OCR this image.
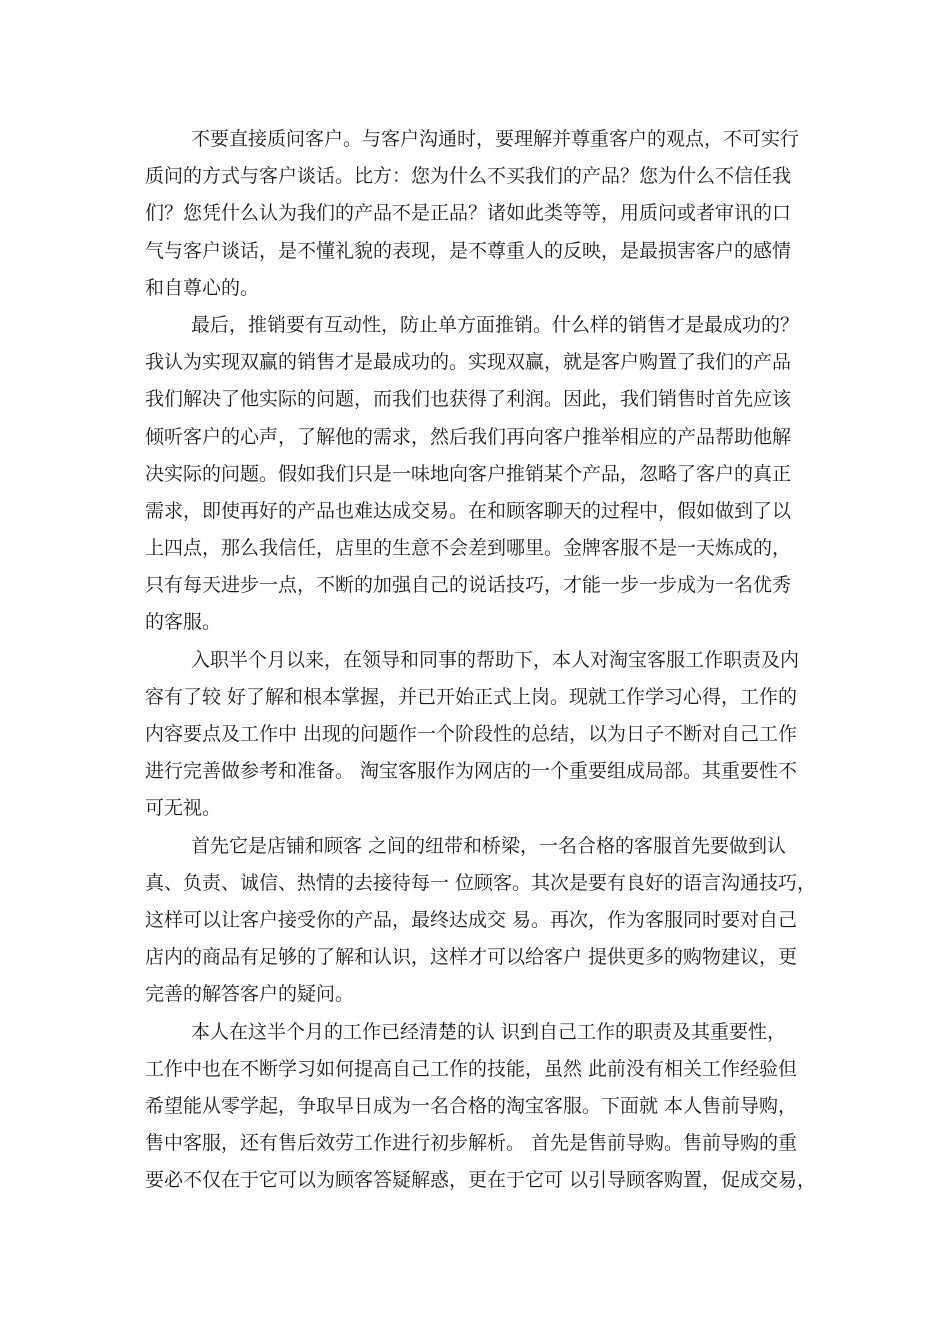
不要直接质问客户。与客户沟通时，要理解并尊重客户的观点，不可实行
质问的方式与客户谈话。比方：您为什么不买我们的产品？您为什么不信任我
们？您凭什么认为我们的产品不是正品？诸如此类等等，用质问或者审讯的口
气与客户谈话，是不懂礼貌的表现，是不尊重人的反映，是最损害客户的感情
和自尊心的。

最后，推销要有互动性，防止单方面推销。什么样的销售才是最成功的？
我认为实现双赢的销售才是最成功的。实现双赢，就是客户购置了我们的产品
我们解决了他实际的问题，而我们也获得了利润。因此，我们销售时首先应该
倾听客户的心声，了解他的需求，然后我们再向客户推举相应的产品帮助他解
决实际的问题。假如我们只是一味地向客户推销某个产品，忽略了客户的真正
需求，即使再好的产品也难达成交易。在和顾客聊天的过程中，假如做到了以
上四点，那么我信任，店里的生意不会差到哪里。金牌客服不是一天炼成的，
只有每天进步一点，不断的加强自己的说话技巧，才能一步一步成为一名优秀
的客服。

入职半个月以来，在领导和同事的帮助下，本人对淘宝客服工作职责及内
容有了较 好了解和根本掌握，并已开始正式上岗。现就工作学习心得，工作的
内容要点及工作中 出现的问题作一个阶段性的总结，以为日子不断对自己工作
进行完善做参考和准备。 淘宝客服作为网店的一个重要组成局部。其重要性不
可无视。

首先它是店铺和顾客 之间的纽带和桥梁，一名合格的客服首先要做到认
真、负责、诚信、热情的去接待每一 位顾客。其次是要有良好的语言沟通技巧，
这样可以让客户接受你的产品，最终达成交 易。再次，作为客服同时要对自己
店内的商品有足够的了解和认识，这样才可以给客户 提供更多的购物建议，更
完善的解答客户的疑问。

本人在这半个月的工作已经清楚的认 识到自己工作的职责及其重要性，
工作中也在不断学习如何提高自己工作的技能，虽然 此前没有相关工作经验但
希望能从零学起，争取早日成为一名合格的淘宝客服。下面就 本人售前导购，
售中客服，还有售后效劳工作进行初步解析。 首先是售前导购。售前导购的重
要必不仅在于它可以为顾客答疑解惑，更在于它可 以引导顾客购置，促成交易，
